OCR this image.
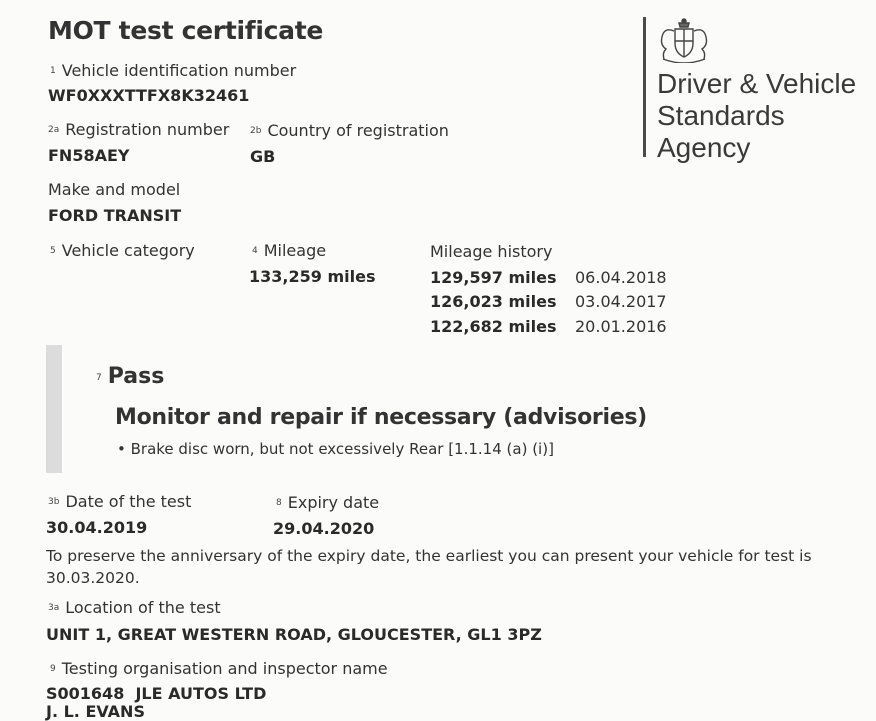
MOT test certificate
Driver & Vehicle
Standards
Agency
1 Vehicle identification number
WF0XXXTTFX8K32461
2a Registration number
FN58AEY
2b Country of registration
GB
Make and model
FORD TRANSIT
5 Vehicle category	4 Mileage
133,259 miles
Mileage history
129,597 miles 06.04.2018
126,023 miles 03.04.2017
122,682 miles 20.01.2016
7 Pass
Monitor and repair if necessary (advisories)
• Brake disc worn, but not excessively Rear [1.1.14 (a) (i)]
3b Date of the test
30.04.2019
8 Expiry date
29.04.2020
To preserve the anniversary of the expiry date, the earliest you can present your vehicle for test is 30.03.2020.
3a Location of the test
UNIT 1, GREAT WESTERN ROAD, GLOUCESTER, GL1 3PZ
9 Testing organisation and inspector name
S001648  JLE AUTOS LTD
J. L. EVANS
